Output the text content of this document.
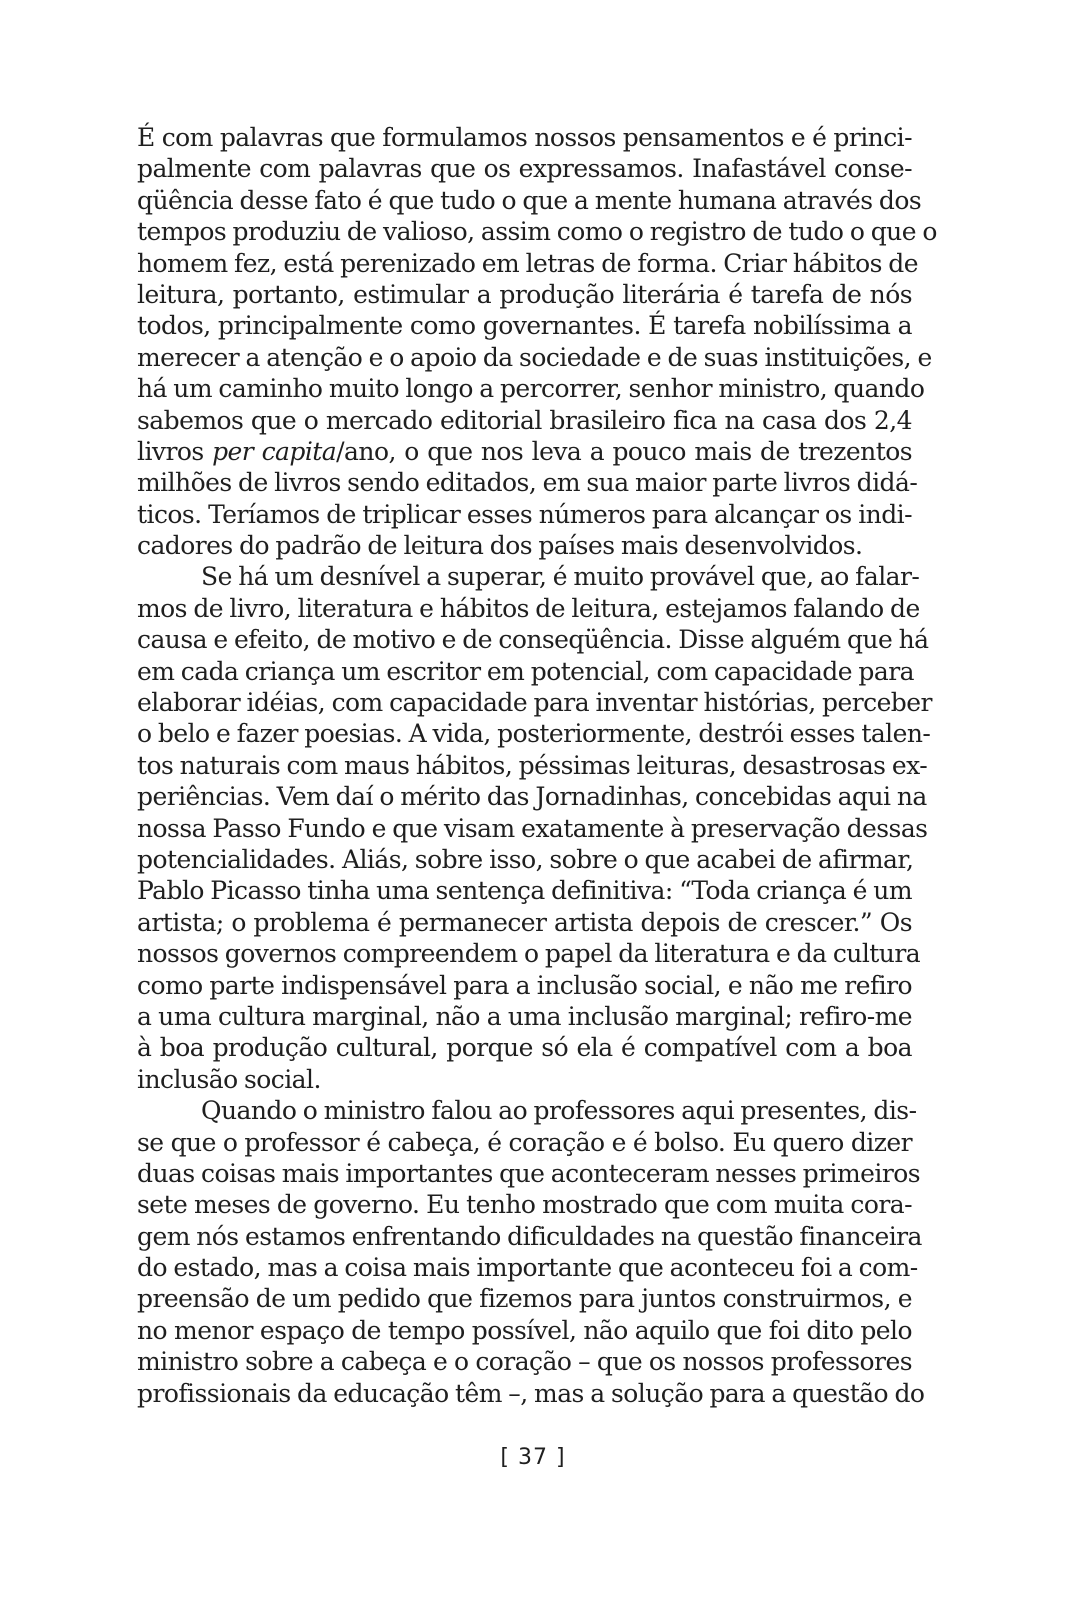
É com palavras que formulamos nossos pensamentos e é princi-
palmente com palavras que os expressamos. Inafastável conse-
qüência desse fato é que tudo o que a mente humana através dos
tempos produziu de valioso, assim como o registro de tudo o que o
homem fez, está perenizado em letras de forma. Criar hábitos de
leitura, portanto, estimular a produção literária é tarefa de nós
todos, principalmente como governantes. É tarefa nobilíssima a
merecer a atenção e o apoio da sociedade e de suas instituições, e
há um caminho muito longo a percorrer, senhor ministro, quando
sabemos que o mercado editorial brasileiro fica na casa dos 2,4
livros per capita/ano, o que nos leva a pouco mais de trezentos
milhões de livros sendo editados, em sua maior parte livros didá-
ticos. Teríamos de triplicar esses números para alcançar os indi-
cadores do padrão de leitura dos países mais desenvolvidos.
Se há um desnível a superar, é muito provável que, ao falar-
mos de livro, literatura e hábitos de leitura, estejamos falando de
causa e efeito, de motivo e de conseqüência. Disse alguém que há
em cada criança um escritor em potencial, com capacidade para
elaborar idéias, com capacidade para inventar histórias, perceber
o belo e fazer poesias. A vida, posteriormente, destrói esses talen-
tos naturais com maus hábitos, péssimas leituras, desastrosas ex-
periências. Vem daí o mérito das Jornadinhas, concebidas aqui na
nossa Passo Fundo e que visam exatamente à preservação dessas
potencialidades. Aliás, sobre isso, sobre o que acabei de afirmar,
Pablo Picasso tinha uma sentença definitiva: “Toda criança é um
artista; o problema é permanecer artista depois de crescer.” Os
nossos governos compreendem o papel da literatura e da cultura
como parte indispensável para a inclusão social, e não me refiro
a uma cultura marginal, não a uma inclusão marginal; refiro-me
à boa produção cultural, porque só ela é compatível com a boa
inclusão social.
Quando o ministro falou ao professores aqui presentes, dis-
se que o professor é cabeça, é coração e é bolso. Eu quero dizer
duas coisas mais importantes que aconteceram nesses primeiros
sete meses de governo. Eu tenho mostrado que com muita cora-
gem nós estamos enfrentando dificuldades na questão financeira
do estado, mas a coisa mais importante que aconteceu foi a com-
preensão de um pedido que fizemos para juntos construirmos, e
no menor espaço de tempo possível, não aquilo que foi dito pelo
ministro sobre a cabeça e o coração – que os nossos professores
profissionais da educação têm –, mas a solução para a questão do
[ 37 ]
